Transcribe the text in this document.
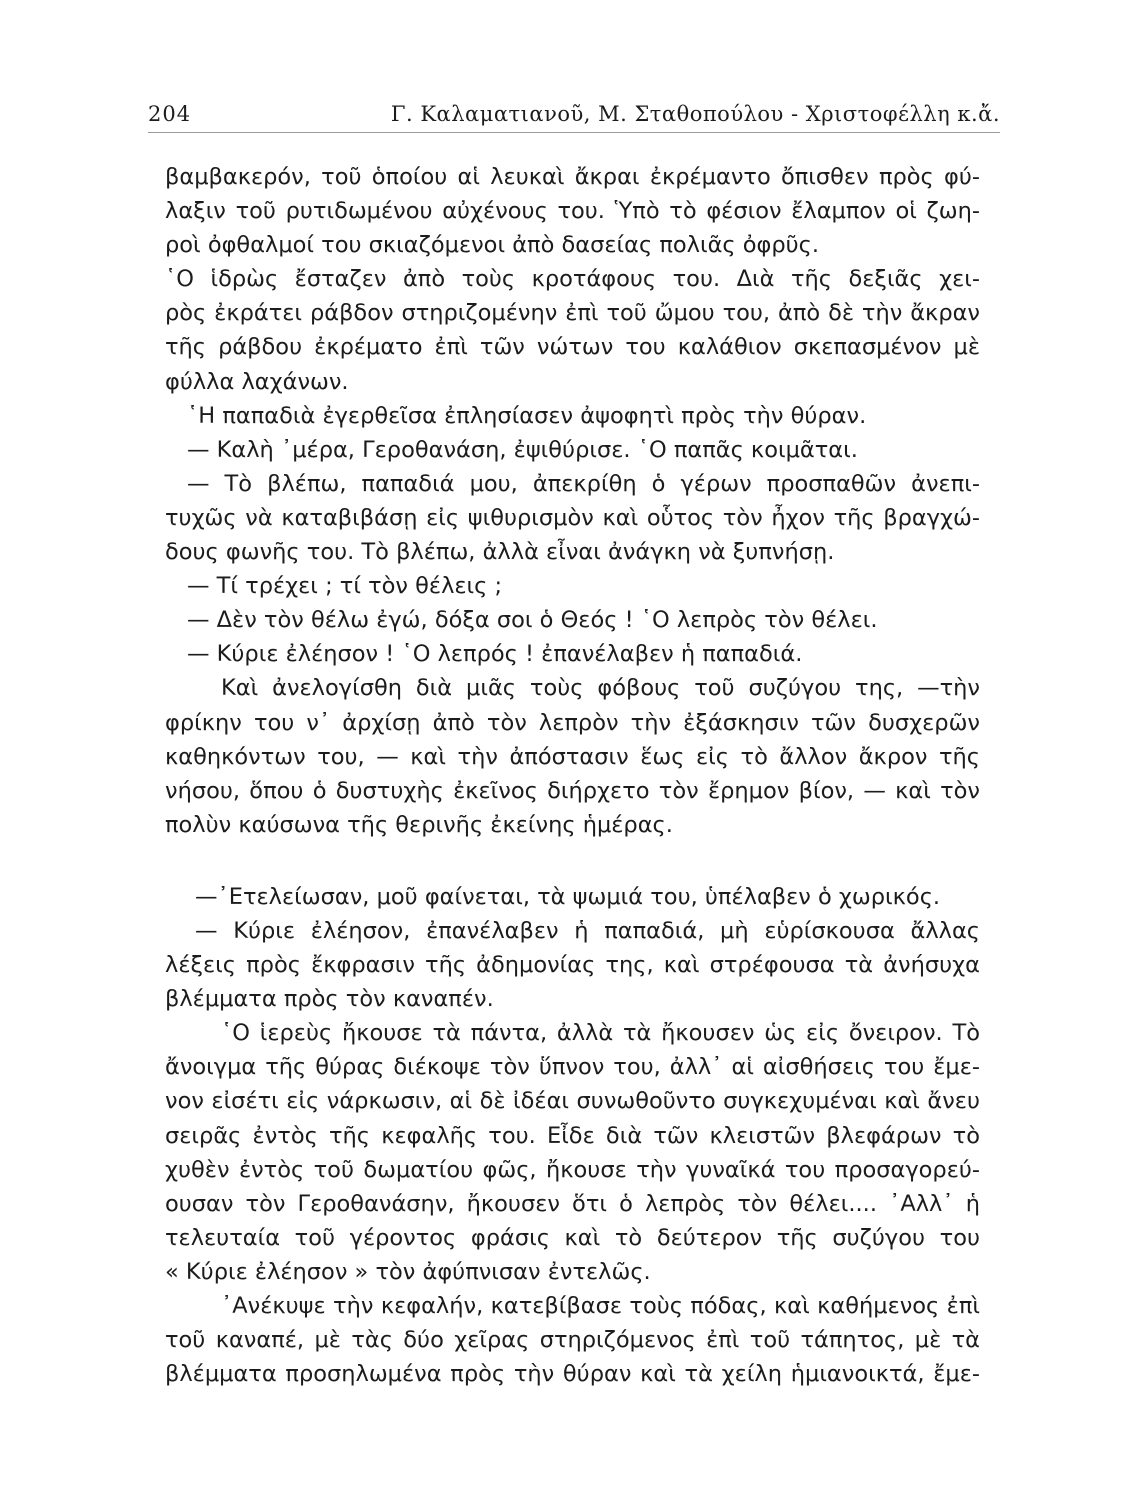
204	Γ. Καλαματιανοῦ, Μ. Σταθοπούλου - Χριστοφέλλη κ.ἄ.
βαμβακερόν, τοῦ ὁποίου αἱ λευκαὶ ἄκραι ἐκρέμαντο ὄπισθεν πρὸς φύ-
λαξιν τοῦ ρυτιδωμένου αὐχένους του. Ὑπὸ τὸ φέσιον ἔλαμπον οἱ ζωη-
ροὶ ὀφθαλμοί του σκιαζόμενοι ἀπὸ δασείας πολιᾶς ὀφρῦς.
῾Ο ἱδρὼς ἔσταζεν ἀπὸ τοὺς κροτάφους του. Διὰ τῆς δεξιᾶς χει-
ρὸς ἐκράτει ράβδον στηριζομένην ἐπὶ τοῦ ὤμου του, ἀπὸ δὲ τὴν ἄκραν
τῆς ράβδου ἐκρέματο ἐπὶ τῶν νώτων του καλάθιον σκεπασμένον μὲ
φύλλα λαχάνων.
῾Η παπαδιὰ ἐγερθεῖσα ἐπλησίασεν ἀψοφητὶ πρὸς τὴν θύραν.
— Καλὴ ᾿μέρα, Γεροθανάση, ἐψιθύρισε. ῾Ο παπᾶς κοιμᾶται.
— Τὸ βλέπω, παπαδιά μου, ἀπεκρίθη ὁ γέρων προσπαθῶν ἀνεπι-
τυχῶς νὰ καταβιβάσῃ εἰς ψιθυρισμὸν καὶ οὗτος τὸν ἦχον τῆς βραγχώ-
δους φωνῆς του. Τὸ βλέπω, ἀλλὰ εἶναι ἀνάγκη νὰ ξυπνήσῃ.
— Τί τρέχει ; τί τὸν θέλεις ;
— Δὲν τὸν θέλω ἐγώ, δόξα σοι ὁ Θεός ! ῾Ο λεπρὸς τὸν θέλει.
— Κύριε ἐλέησον ! ῾Ο λεπρός ! ἐπανέλαβεν ἡ παπαδιά.
Καὶ ἀνελογίσθη διὰ μιᾶς τοὺς φόβους τοῦ συζύγου της, —τὴν
φρίκην του ν᾿ ἀρχίσῃ ἀπὸ τὸν λεπρὸν τὴν ἐξάσκησιν τῶν δυσχερῶν
καθηκόντων του, — καὶ τὴν ἀπόστασιν ἕως εἰς τὸ ἄλλον ἄκρον τῆς
νήσου, ὅπου ὁ δυστυχὴς ἐκεῖνος διήρχετο τὸν ἔρημον βίον, — καὶ τὸν
πολὺν καύσωνα τῆς θερινῆς ἐκείνης ἡμέρας.
—᾿Ετελείωσαν, μοῦ φαίνεται, τὰ ψωμιά του, ὑπέλαβεν ὁ χωρικός.
— Κύριε ἐλέησον, ἐπανέλαβεν ἡ παπαδιά, μὴ εὑρίσκουσα ἄλλας
λέξεις πρὸς ἔκφρασιν τῆς ἀδημονίας της, καὶ στρέφουσα τὰ ἀνήσυχα
βλέμματα πρὸς τὸν καναπέν.
῾Ο ἱερεὺς ἤκουσε τὰ πάντα, ἀλλὰ τὰ ἤκουσεν ὡς εἰς ὄνειρον. Τὸ
ἄνοιγμα τῆς θύρας διέκοψε τὸν ὕπνον του, ἀλλ᾿ αἱ αἰσθήσεις του ἔμε-
νον εἰσέτι εἰς νάρκωσιν, αἱ δὲ ἰδέαι συνωθοῦντο συγκεχυμέναι καὶ ἄνευ
σειρᾶς ἐντὸς τῆς κεφαλῆς του. Εἶδε διὰ τῶν κλειστῶν βλεφάρων τὸ
χυθὲν ἐντὸς τοῦ δωματίου φῶς, ἤκουσε τὴν γυναῖκά του προσαγορεύ-
ουσαν τὸν Γεροθανάσην, ἤκουσεν ὅτι ὁ λεπρὸς τὸν θέλει.... ᾿Αλλ᾿ ἡ
τελευταία τοῦ γέροντος φράσις καὶ τὸ δεύτερον τῆς συζύγου του
« Κύριε ἐλέησον » τὸν ἀφύπνισαν ἐντελῶς.
᾿Ανέκυψε τὴν κεφαλήν, κατεβίβασε τοὺς πόδας, καὶ καθήμενος ἐπὶ
τοῦ καναπέ, μὲ τὰς δύο χεῖρας στηριζόμενος ἐπὶ τοῦ τάπητος, μὲ τὰ
βλέμματα προσηλωμένα πρὸς τὴν θύραν καὶ τὰ χείλη ἡμιανοικτά, ἔμε-
